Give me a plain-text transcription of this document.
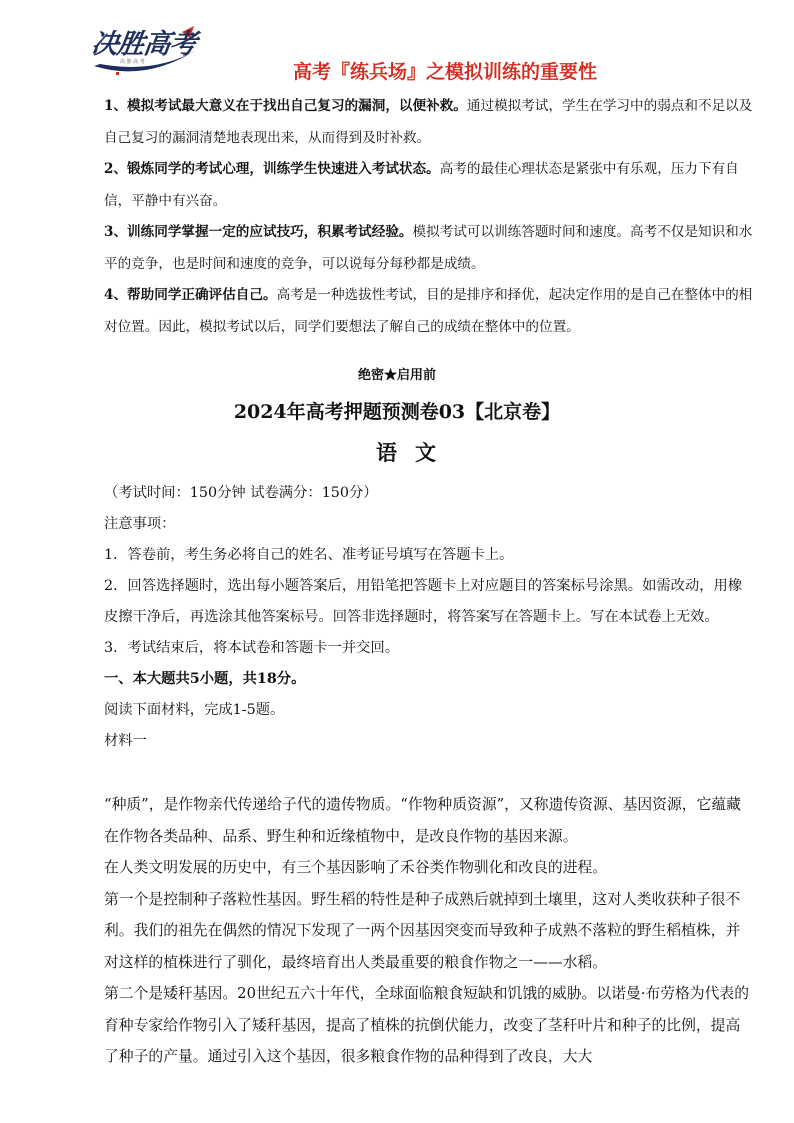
决胜高考
决 胜 高 考	高考『练兵场』之模拟训练的重要性

1、模拟考试最大意义在于找出自己复习的漏洞，以便补救。通过模拟考试，学生在学习中的弱点和不足以及自己复习的漏洞清楚地表现出来，从而得到及时补救。

2、锻炼同学的考试心理，训练学生快速进入考试状态。高考的最佳心理状态是紧张中有乐观，压力下有自信，平静中有兴奋。

3、训练同学掌握一定的应试技巧，积累考试经验。模拟考试可以训练答题时间和速度。高考不仅是知识和水平的竞争，也是时间和速度的竞争，可以说每分每秒都是成绩。

4、帮助同学正确评估自己。高考是一种选拔性考试，目的是排序和择优，起决定作用的是自己在整体中的相对位置。因此，模拟考试以后，同学们要想法了解自己的成绩在整体中的位置。

绝密★启用前
2024年高考押题预测卷03【北京卷】
语文

（考试时间：150分钟 试卷满分：150分）

注意事项：

1．答卷前，考生务必将自己的姓名、准考证号填写在答题卡上。

2．回答选择题时，选出每小题答案后，用铅笔把答题卡上对应题目的答案标号涂黑。如需改动，用橡皮擦干净后，再选涂其他答案标号。回答非选择题时，将答案写在答题卡上。写在本试卷上无效。

3．考试结束后，将本试卷和答题卡一并交回。

一、本大题共5小题，共18分。

阅读下面材料，完成1-5题。

材料一

“种质”，是作物亲代传递给子代的遗传物质。“作物种质资源”，又称遗传资源、基因资源，它蕴藏在作物各类品种、品系、野生种和近缘植物中，是改良作物的基因来源。

在人类文明发展的历史中，有三个基因影响了禾谷类作物驯化和改良的进程。

第一个是控制种子落粒性基因。野生稻的特性是种子成熟后就掉到土壤里，这对人类收获种子很不利。我们的祖先在偶然的情况下发现了一两个因基因突变而导致种子成熟不落粒的野生稻植株，并对这样的植株进行了驯化，最终培育出人类最重要的粮食作物之一——水稻。

第二个是矮秆基因。20世纪五六十年代，全球面临粮食短缺和饥饿的威胁。以诺曼·布劳格为代表的育种专家给作物引入了矮秆基因，提高了植株的抗倒伏能力，改变了茎秆叶片和种子的比例，提高了种子的产量。通过引入这个基因，很多粮食作物的品种得到了改良，大大
